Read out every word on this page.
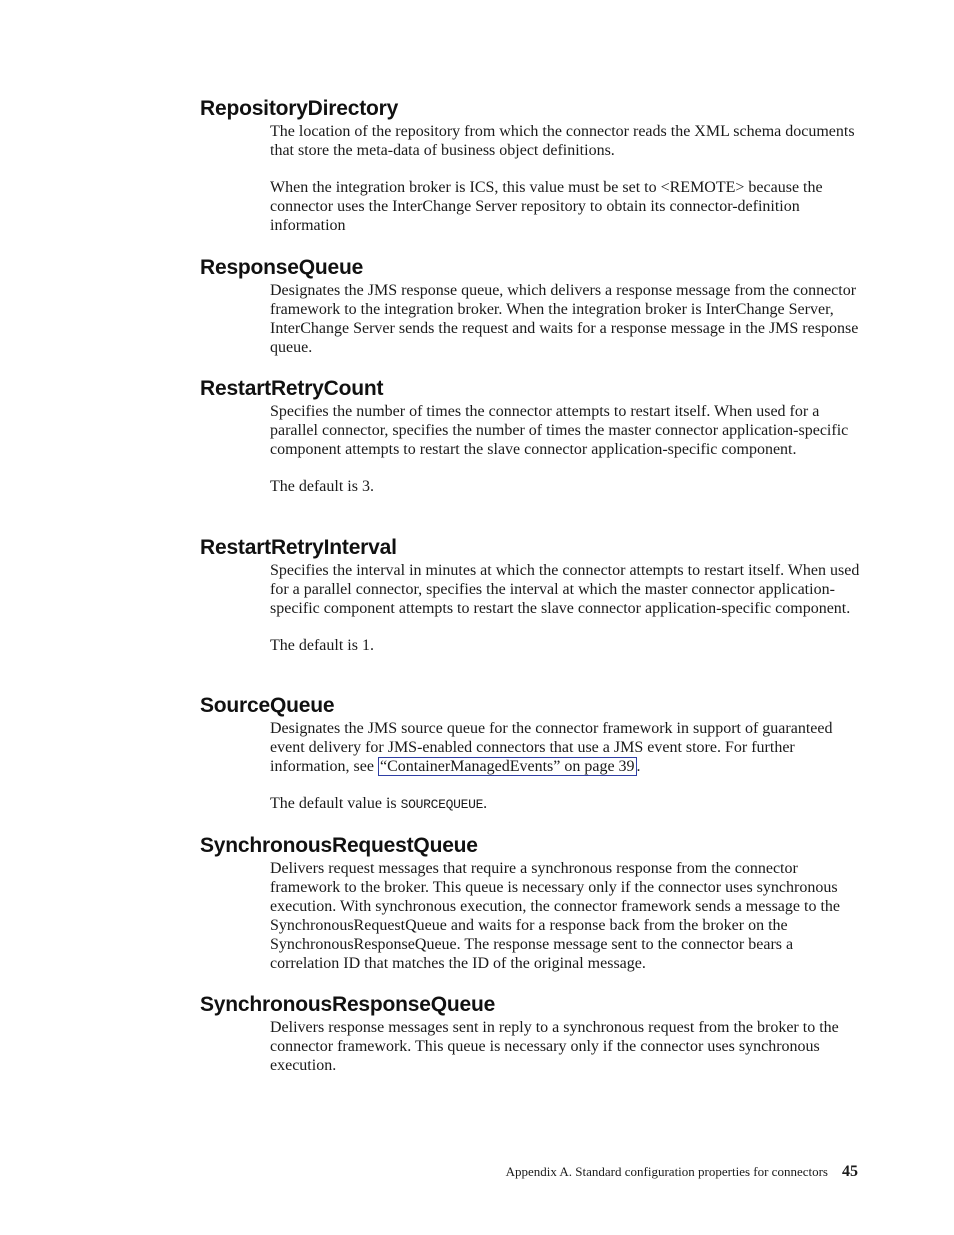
RepositoryDirectory

The location of the repository from which the connector reads the XML schema documents that store the meta-data of business object definitions.

When the integration broker is ICS, this value must be set to <REMOTE> because the connector uses the InterChange Server repository to obtain its connector-definition information

ResponseQueue

Designates the JMS response queue, which delivers a response message from the connector framework to the integration broker. When the integration broker is InterChange Server, InterChange Server sends the request and waits for a response message in the JMS response queue.

RestartRetryCount

Specifies the number of times the connector attempts to restart itself. When used for a parallel connector, specifies the number of times the master connector application-specific component attempts to restart the slave connector application-specific component.

The default is 3.

RestartRetryInterval

Specifies the interval in minutes at which the connector attempts to restart itself. When used for a parallel connector, specifies the interval at which the master connector application-specific component attempts to restart the slave connector application-specific component.

The default is 1.

SourceQueue

Designates the JMS source queue for the connector framework in support of guaranteed event delivery for JMS-enabled connectors that use a JMS event store. For further information, see “ContainerManagedEvents” on page 39 .

The default value is SOURCEQUEUE.

SynchronousRequestQueue

Delivers request messages that require a synchronous response from the connector framework to the broker. This queue is necessary only if the connector uses synchronous execution. With synchronous execution, the connector framework sends a message to the SynchronousRequestQueue and waits for a response back from the broker on the SynchronousResponseQueue. The response message sent to the connector bears a correlation ID that matches the ID of the original message.

SynchronousResponseQueue

Delivers response messages sent in reply to a synchronous request from the broker to the connector framework. This queue is necessary only if the connector uses synchronous execution.

Appendix A. Standard configuration properties for connectors 45
